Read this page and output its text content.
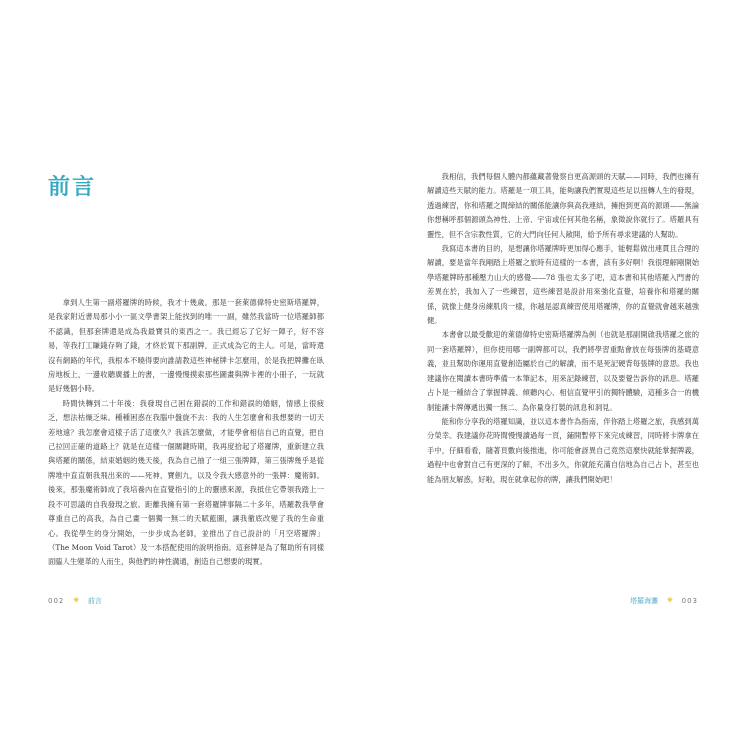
前言

拿到人生第一副塔羅牌的時候，我才十幾歲。那是一套萊德偉特史密斯塔羅牌，是我家附近書局那小小一區文學書架上能找到的唯一一副，雖然我當時一位塔羅師都不認識，但那套牌還是成為我最寶貝的東西之一。我已經忘了它好一陣子，好不容易，等我打工賺錢存夠了錢，才終於買下那副牌，正式成為它的主人。可是，當時還沒有網路的年代，我根本不曉得要向誰請教這些神秘牌卡怎麼用，於是我把牌攤在臥房地板上，一邊收聽廣播上的書，一邊慢慢摸索那些圖畫與牌卡裡的小冊子，一玩就是好幾個小時。

時間快轉到二十年後：我發現自己困在錯誤的工作和錯誤的婚姻，情感上很疲乏，想法枯燥乏味。種種困惑在我腦中盤旋不去：我的人生怎麼會和我想要的一切天差地遠？我怎麼會這樣子活了這麼久？我該怎麼做，才能學會相信自己的直覺，把自己拉回正確的道路上？就是在這樣一個關鍵時期，我再度拾起了塔羅牌，重新建立我與塔羅的關係，結束婚姻的幾天後，我為自己抽了一組三張牌陣，第三張牌幾乎是從牌堆中直直朝我飛出來的——死神、寶劍九，以及令我大感意外的一張牌：魔術師。後來，那張魔術師成了我培養內在直覺指引的上的靈感來源，我抵住它帶領我踏上一段不可思議的自我發現之旅。距離我擁有第一套塔羅牌事隔二十多年，塔羅教我學會尊重自己的高我，為自己畫一個獨一無二的天賦藍圖，讓我徹底改變了我的生命重心。我從學生的身分開始，一步步成為老師，並推出了自己設計的「月空塔羅牌」（The Moon Void Tarot）及一本搭配使用的說明指南。這套牌是為了幫助所有同樣面臨人生變革的人而生，與他們的神性溝通，創造自己想要的現實。

002 ✷ 前言

我相信，我們每個人體內都蘊藏著覺察自更高源頭的天賦——同時，我們也擁有解讀這些天賦的能力。塔羅是一項工具，能夠讓我們實現這些足以扭轉人生的發現，透過練習，你和塔羅之間締結的關係能讓你與高我連結，擁抱到更高的源頭——無論你想稱呼那個源頭為神性、上帝、宇宙或任何其他名稱，象徵說你就行了。塔羅具有靈性，但不含宗教性質，它的大門向任何人敞開，給予所有尋求建議的人幫助。

我寫這本書的目的，是想讓你塔羅牌時更加得心應手，能輕鬆做出連貫且合理的解讀，要是當年我剛踏上塔羅之旅時有這樣的一本書，該有多好啊！我很理解剛開始學塔羅牌時那種壓力山大的感覺——78 張也太多了吧，這本書和其他塔羅入門書的差異在於，我加入了一些練習，這些練習是設計用來強化直覺，培養你和塔羅的關係，就像上健身房練肌肉一樣，你越是認真練習使用塔羅牌，你的直覺就會越來越強健。

本書會以最受歡迎的萊德偉特史密斯塔羅牌為例（也就是那副開啟我塔羅之旅的同一套塔羅牌），但你使用哪一副牌都可以，我們將學習重點會放在每張牌的基礎意義，並且幫助你運用直覺創造屬於自己的解讀，而不是死記硬背每張牌的意思。我也建議你在閱讀本書時準備一本筆記本，用來記錄練習，以及要覺告訴你的訊息。塔羅占卜是一種結合了掌握牌義、傾聽內心、相信直覺甲引的獨特體驗，這種多合一的機制能讓卡牌傳遞出獨一無二、為你量身打製的訊息和洞見。

能和你分享我的塔羅知識，並以這本書作為指南，伴你踏上塔羅之旅，我感到萬分榮幸。我建議你花時間慢慢讀過每一頁，鋪開暫停下來完成練習，同時將卡牌拿在手中，仔細看看，隨著頁數向後推進，你可能會訝異自己竟然這麼快就能掌握牌義，過程中也會對自己有更深的了解，不出多久，你就能充滿自信地為自己占卜，甚至也能為朋友解惑，好啦，現在就拿起你的牌，讓我們開始吧！

塔羅海灘 ✷ 003
